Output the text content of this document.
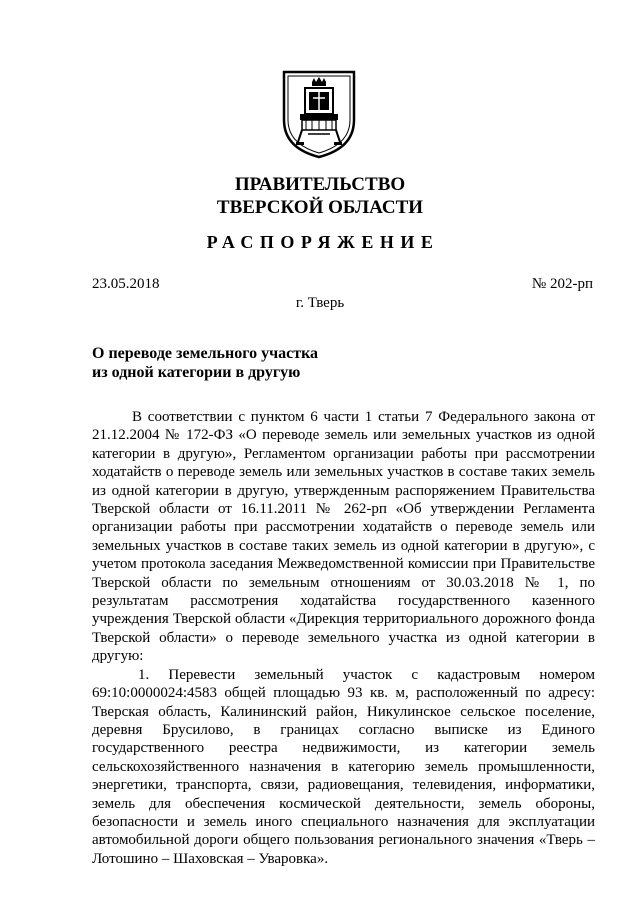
ПРАВИТЕЛЬСТВО
ТВЕРСКОЙ ОБЛАСТИ
РАСПОРЯЖЕНИЕ
23.05.2018	№ 202-рп
г. Тверь
О переводе земельного участка
из одной категории в другую

В соответствии с пунктом 6 части 1 статьи 7 Федерального закона от 21.12.2004 № 172-ФЗ «О переводе земель или земельных участков из одной категории в другую», Регламентом организации работы при рассмотрении ходатайств о переводе земель или земельных участков в составе таких земель из одной категории в другую, утвержденным распоряжением Правительства Тверской области от 16.11.2011 № 262-рп «Об утверждении Регламента организации работы при рассмотрении ходатайств о переводе земель или земельных участков в составе таких земель из одной категории в другую», с учетом протокола заседания Межведомственной комиссии при Правительстве Тверской области по земельным отношениям от 30.03.2018 № 1, по результатам рассмотрения ходатайства государственного казенного учреждения Тверской области «Дирекция территориального дорожного фонда Тверской области» о переводе земельного участка из одной категории в другую:

1. Перевести земельный участок с кадастровым номером 69:10:0000024:4583 общей площадью 93 кв. м, расположенный по адресу: Тверская область, Калининский район, Никулинское сельское поселение, деревня Брусилово, в границах согласно выписке из Единого государственного реестра недвижимости, из категории земель сельскохозяйственного назначения в категорию земель промышленности, энергетики, транспорта, связи, радиовещания, телевидения, информатики, земель для обеспечения космической деятельности, земель обороны, безопасности и земель иного специального назначения для эксплуатации автомобильной дороги общего пользования регионального значения «Тверь – Лотошино – Шаховская – Уваровка».
